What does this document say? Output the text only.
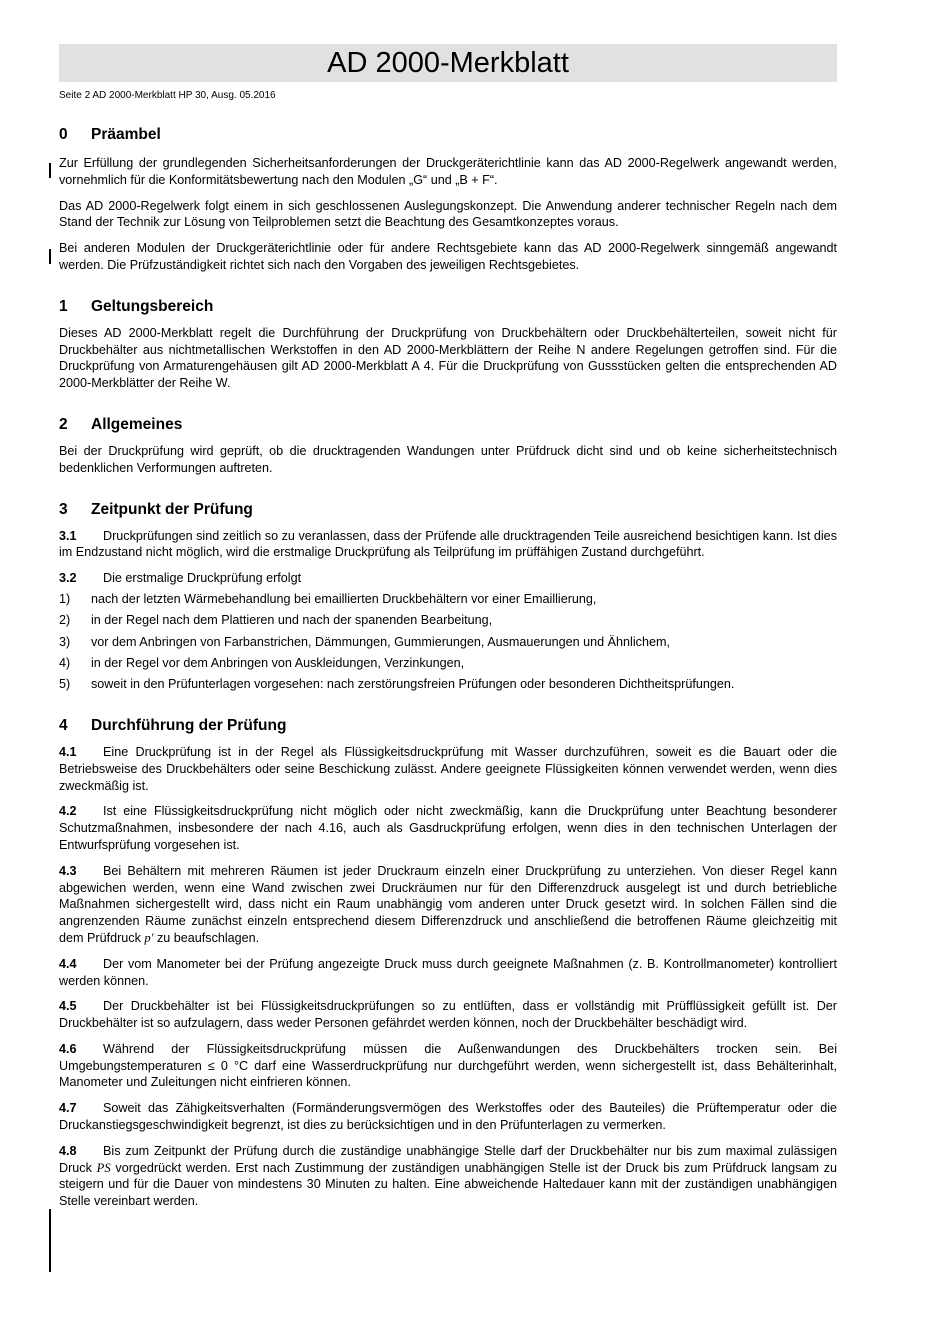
AD 2000-Merkblatt
Seite 2 AD 2000-Merkblatt HP 30, Ausg. 05.2016
0	Präambel

Zur Erfüllung der grundlegenden Sicherheitsanforderungen der Druckgeräterichtlinie kann das AD 2000-Regelwerk angewandt werden, vornehmlich für die Konformitätsbewertung nach den Modulen „G“ und „B + F“.

Das AD 2000-Regelwerk folgt einem in sich geschlossenen Auslegungskonzept. Die Anwendung anderer technischer Regeln nach dem Stand der Technik zur Lösung von Teilproblemen setzt die Beachtung des Gesamtkonzeptes voraus.

Bei anderen Modulen der Druckgeräterichtlinie oder für andere Rechtsgebiete kann das AD 2000-Regelwerk sinngemäß angewandt werden. Die Prüfzuständigkeit richtet sich nach den Vorgaben des jeweiligen Rechtsgebietes.

1	Geltungsbereich

Dieses AD 2000-Merkblatt regelt die Durchführung der Druckprüfung von Druckbehältern oder Druckbehälterteilen, soweit nicht für Druckbehälter aus nichtmetallischen Werkstoffen in den AD 2000-Merkblättern der Reihe N andere Regelungen getroffen sind. Für die Druckprüfung von Armaturengehäusen gilt AD 2000-Merkblatt A 4. Für die Druckprüfung von Gussstücken gelten die entsprechenden AD 2000-Merkblätter der Reihe W.

2	Allgemeines

Bei der Druckprüfung wird geprüft, ob die drucktragenden Wandungen unter Prüfdruck dicht sind und ob keine sicherheitstechnisch bedenklichen Verformungen auftreten.

3	Zeitpunkt der Prüfung

3.1 Druckprüfungen sind zeitlich so zu veranlassen, dass der Prüfende alle drucktragenden Teile ausreichend besichtigen kann. Ist dies im Endzustand nicht möglich, wird die erstmalige Druckprüfung als Teilprüfung im prüffähigen Zustand durchgeführt.

3.2 Die erstmalige Druckprüfung erfolgt

1)	nach der letzten Wärmebehandlung bei emaillierten Druckbehältern vor einer Emaillierung,
2)	in der Regel nach dem Plattieren und nach der spanenden Bearbeitung,
3)	vor dem Anbringen von Farbanstrichen, Dämmungen, Gummierungen, Ausmauerungen und Ähnlichem,
4)	in der Regel vor dem Anbringen von Auskleidungen, Verzinkungen,
5)	soweit in den Prüfunterlagen vorgesehen: nach zerstörungsfreien Prüfungen oder besonderen Dichtheitsprüfungen.
4	Durchführung der Prüfung

4.1 Eine Druckprüfung ist in der Regel als Flüssigkeitsdruckprüfung mit Wasser durchzuführen, soweit es die Bauart oder die Betriebsweise des Druckbehälters oder seine Beschickung zulässt. Andere geeignete Flüssigkeiten können verwendet werden, wenn dies zweckmäßig ist.

4.2 Ist eine Flüssigkeitsdruckprüfung nicht möglich oder nicht zweckmäßig, kann die Druckprüfung unter Beachtung besonderer Schutzmaßnahmen, insbesondere der nach 4.16, auch als Gasdruckprüfung erfolgen, wenn dies in den technischen Unterlagen der Entwurfsprüfung vorgesehen ist.

4.3 Bei Behältern mit mehreren Räumen ist jeder Druckraum einzeln einer Druckprüfung zu unterziehen. Von dieser Regel kann abgewichen werden, wenn eine Wand zwischen zwei Druckräumen nur für den Differenzdruck ausgelegt ist und durch betriebliche Maßnahmen sichergestellt wird, dass nicht ein Raum unabhängig vom anderen unter Druck gesetzt wird. In solchen Fällen sind die angrenzenden Räume zunächst einzeln entsprechend diesem Differenzdruck und anschließend die betroffenen Räume gleichzeitig mit dem Prüfdruck p′ zu beaufschlagen.

4.4 Der vom Manometer bei der Prüfung angezeigte Druck muss durch geeignete Maßnahmen (z. B. Kontrollmanometer) kontrolliert werden können.

4.5 Der Druckbehälter ist bei Flüssigkeitsdruckprüfungen so zu entlüften, dass er vollständig mit Prüfflüssigkeit gefüllt ist. Der Druckbehälter ist so aufzulagern, dass weder Personen gefährdet werden können, noch der Druckbehälter beschädigt wird.

4.6 Während der Flüssigkeitsdruckprüfung müssen die Außenwandungen des Druckbehälters trocken sein. Bei Umgebungstemperaturen ≤ 0 °C darf eine Wasserdruckprüfung nur durchgeführt werden, wenn sichergestellt ist, dass Behälterinhalt, Manometer und Zuleitungen nicht einfrieren können.

4.7 Soweit das Zähigkeitsverhalten (Formänderungsvermögen des Werkstoffes oder des Bauteiles) die Prüftemperatur oder die Druckanstiegsgeschwindigkeit begrenzt, ist dies zu berücksichtigen und in den Prüfunterlagen zu vermerken.

4.8 Bis zum Zeitpunkt der Prüfung durch die zuständige unabhängige Stelle darf der Druckbehälter nur bis zum maximal zulässigen Druck PS vorgedrückt werden. Erst nach Zustimmung der zuständigen unabhängigen Stelle ist der Druck bis zum Prüfdruck langsam zu steigern und für die Dauer von mindestens 30 Minuten zu halten. Eine abweichende Haltedauer kann mit der zuständigen unabhängigen Stelle vereinbart werden.
